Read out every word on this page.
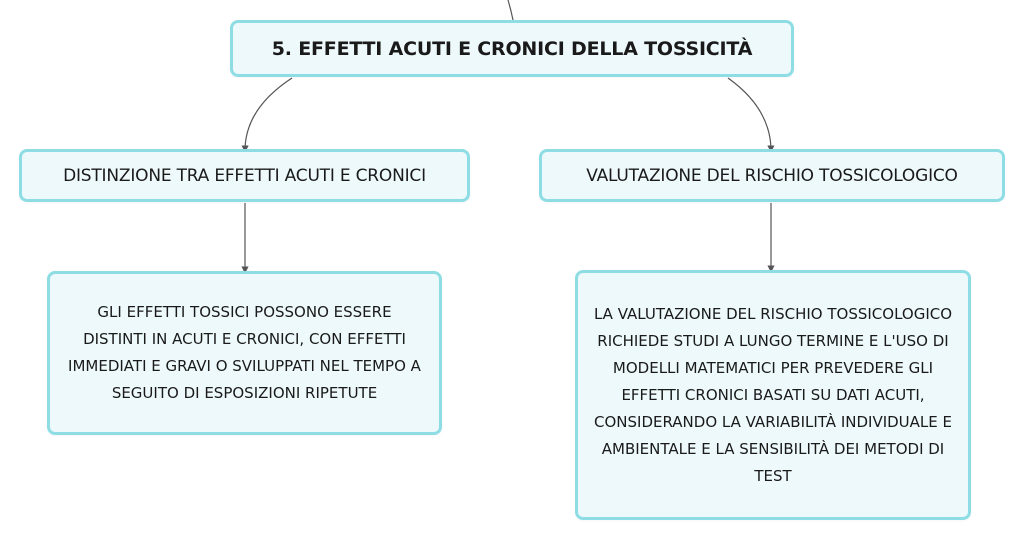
5. EFFETTI ACUTI E CRONICI DELLA TOSSICITÀ
DISTINZIONE TRA EFFETTI ACUTI E CRONICI	VALUTAZIONE DEL RISCHIO TOSSICOLOGICO
GLI EFFETTI TOSSICI POSSONO ESSERE DISTINTI IN ACUTI E CRONICI, CON EFFETTI IMMEDIATI E GRAVI O SVILUPPATI NEL TEMPO A SEGUITO DI ESPOSIZIONI RIPETUTE
LA VALUTAZIONE DEL RISCHIO TOSSICOLOGICO RICHIEDE STUDI A LUNGO TERMINE E L'USO DI MODELLI MATEMATICI PER PREVEDERE GLI EFFETTI CRONICI BASATI SU DATI ACUTI, CONSIDERANDO LA VARIABILITÀ INDIVIDUALE E AMBIENTALE E LA SENSIBILITÀ DEI METODI DI TEST
